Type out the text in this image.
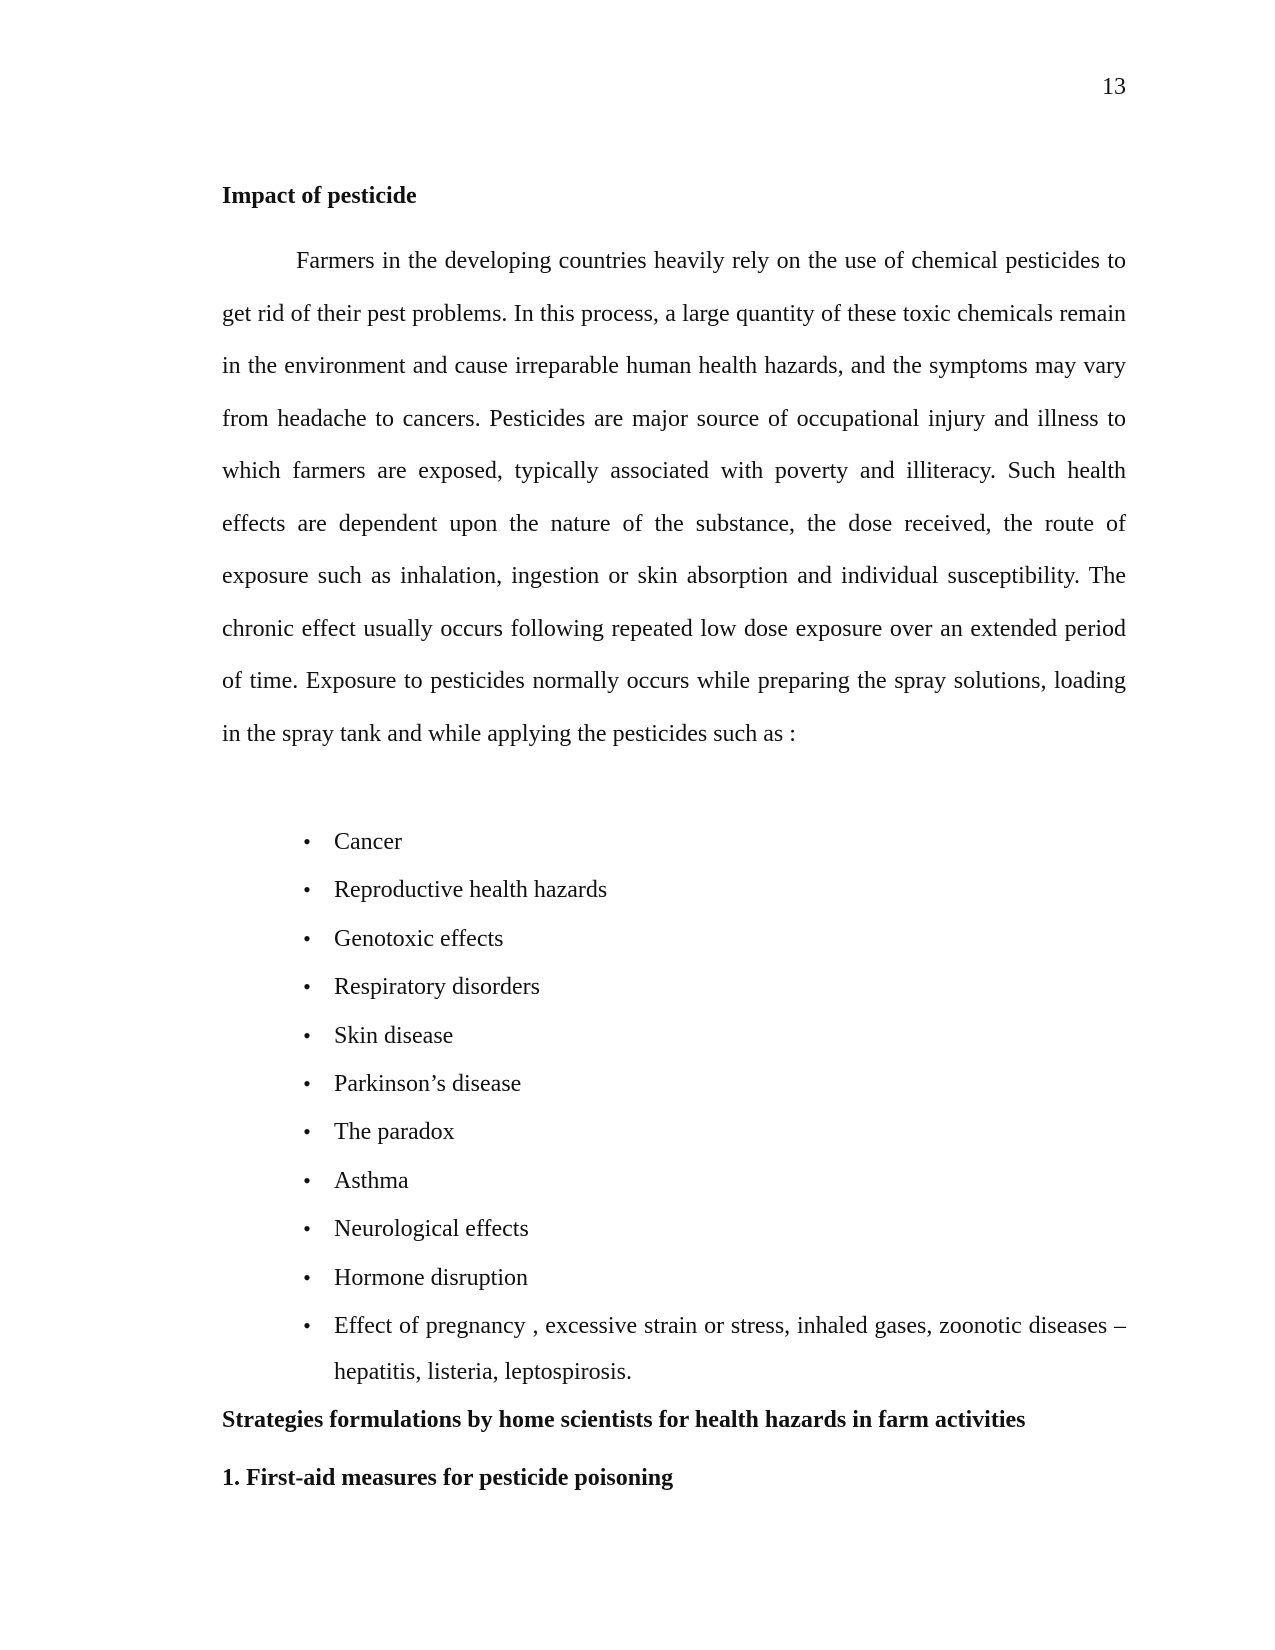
13
Impact of pesticide

Farmers in the developing countries heavily rely on the use of chemical pesticides to get rid of their pest problems. In this process, a large quantity of these toxic chemicals remain in the environment and cause irreparable human health hazards, and the symptoms may vary from headache to cancers. Pesticides are major source of occupational injury and illness to which farmers are exposed, typically associated with poverty and illiteracy. Such health effects are dependent upon the nature of the substance, the dose received, the route of exposure such as inhalation, ingestion or skin absorption and individual susceptibility. The chronic effect usually occurs following repeated low dose exposure over an extended period of time. Exposure to pesticides normally occurs while preparing the spray solutions, loading in the spray tank and while applying the pesticides such as :

• Cancer
• Reproductive health hazards
• Genotoxic effects
• Respiratory disorders
• Skin disease
• Parkinson’s disease
• The paradox
• Asthma
• Neurological effects
• Hormone disruption
• Effect of pregnancy , excessive strain or stress, inhaled gases, zoonotic diseases – hepatitis, listeria, leptospirosis.
Strategies formulations by home scientists for health hazards in farm activities
1. First-aid measures for pesticide poisoning
